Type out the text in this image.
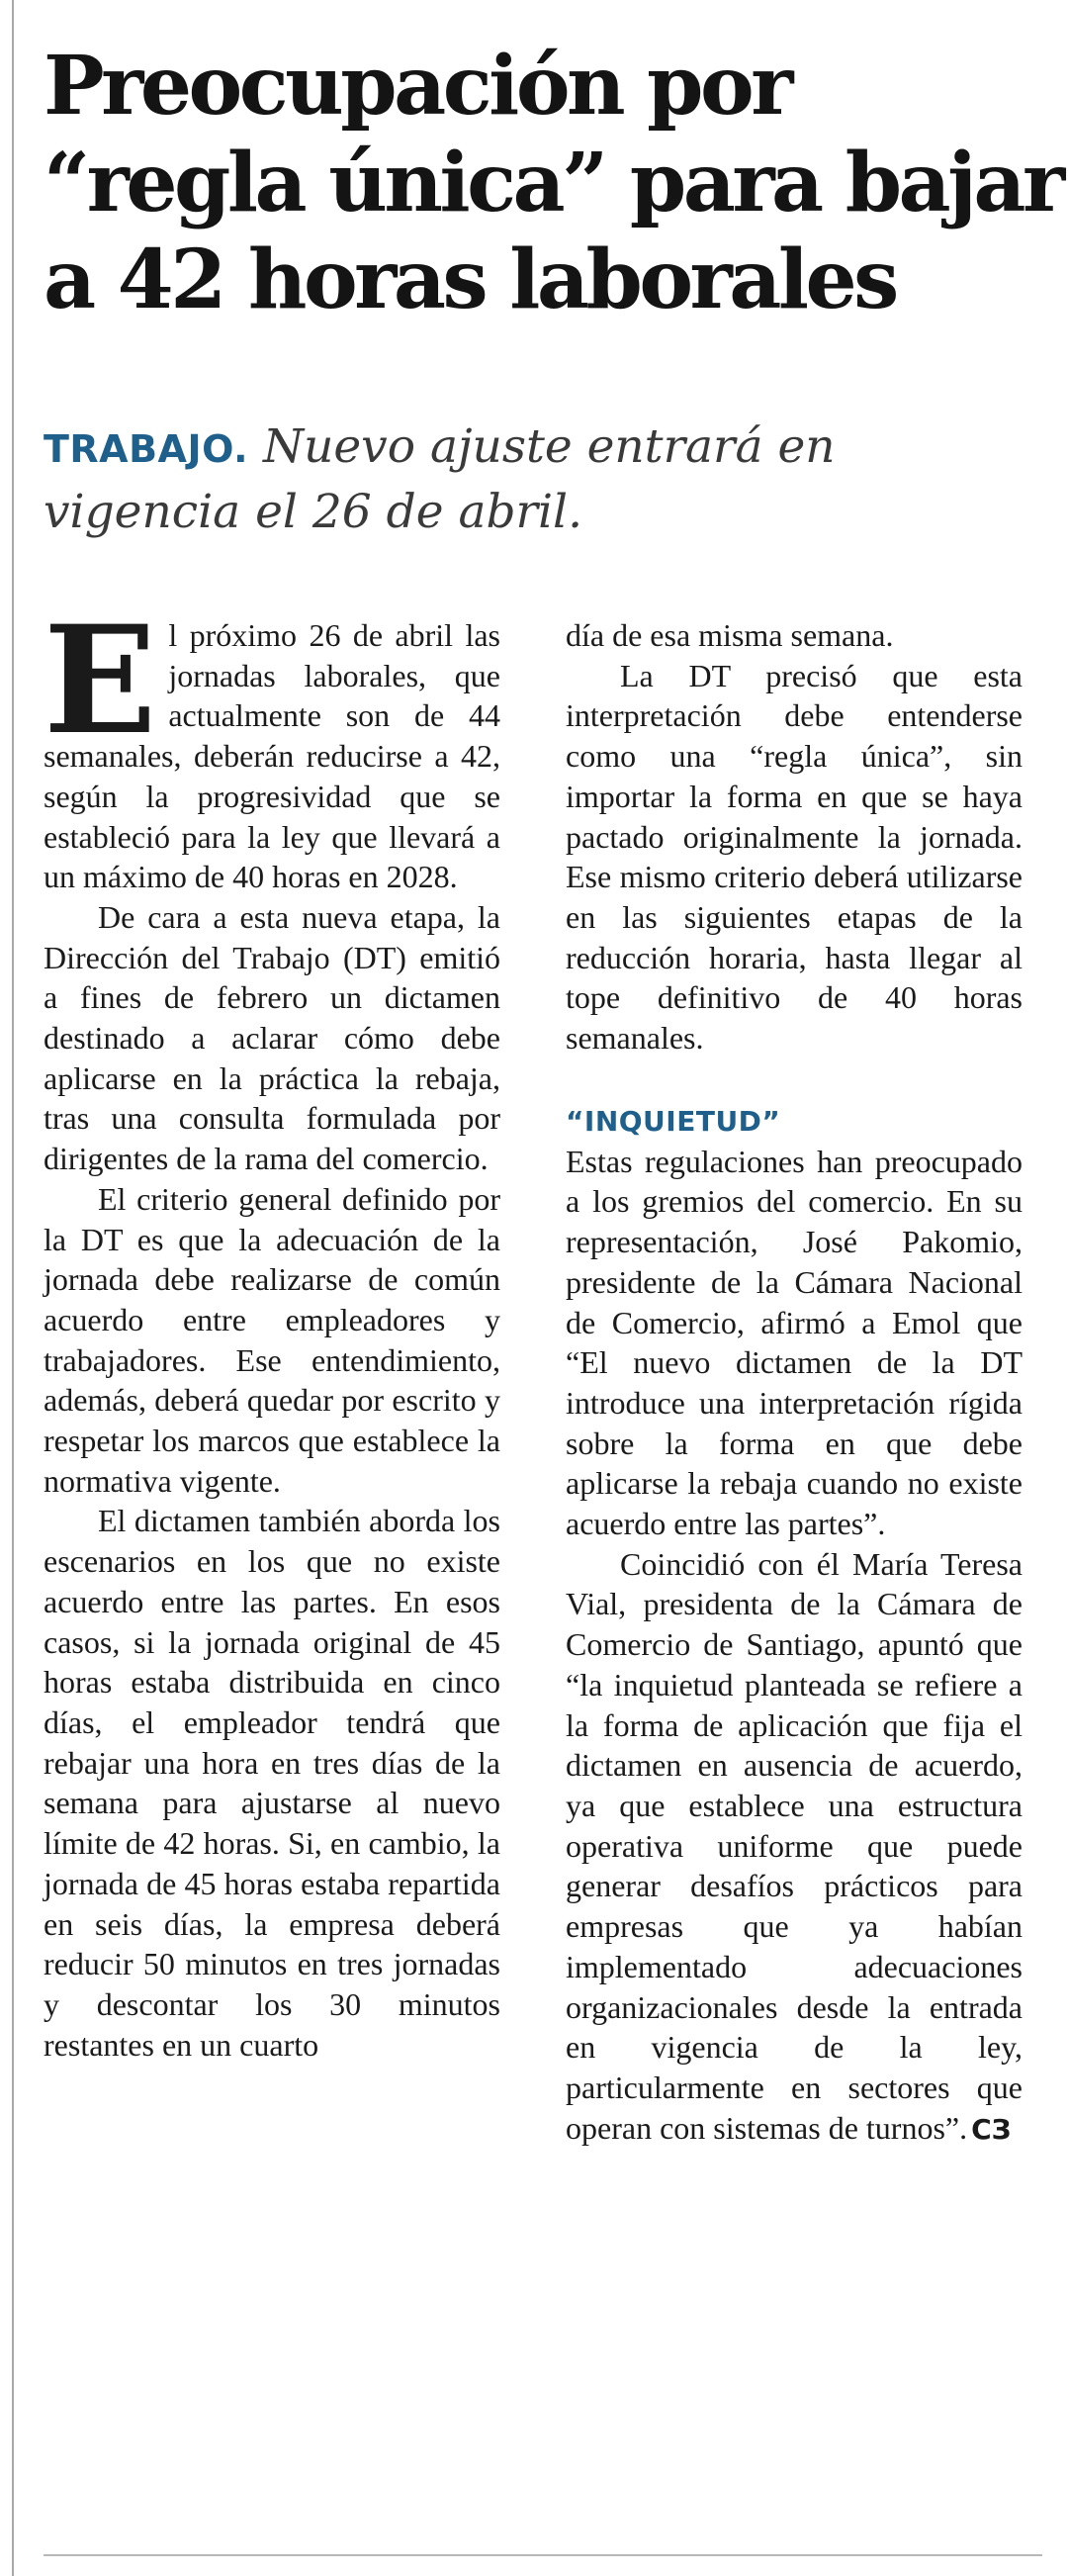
Preocupación por
“regla única” para bajar
a 42 horas laborales

TRABAJO. Nuevo ajuste entrará en vigencia el 26 de abril.

El próximo 26 de abril las jornadas laborales, que actualmente son de 44 semanales, deberán reducirse a 42, según la progresividad que se estableció para la ley que llevará a un máximo de 40 horas en 2028.

De cara a esta nueva etapa, la Dirección del Trabajo (DT) emitió a fines de febrero un dictamen destinado a aclarar cómo debe aplicarse en la práctica la rebaja, tras una consulta formulada por dirigentes de la rama del comercio.

El criterio general definido por la DT es que la adecuación de la jornada debe realizarse de común acuerdo entre empleadores y trabajadores. Ese entendimiento, además, deberá quedar por escrito y respetar los marcos que establece la normativa vigente.

El dictamen también aborda los escenarios en los que no existe acuerdo entre las partes. En esos casos, si la jornada original de 45 horas estaba distribuida en cinco días, el empleador tendrá que rebajar una hora en tres días de la semana para ajustarse al nuevo límite de 42 horas. Si, en cambio, la jornada de 45 horas estaba repartida en seis días, la empresa deberá reducir 50 minutos en tres jornadas y descontar los 30 minutos restantes en un cuarto

día de esa misma semana.

La DT precisó que esta interpretación debe entenderse como una “regla única”, sin importar la forma en que se haya pactado originalmente la jornada. Ese mismo criterio deberá utilizarse en las siguientes etapas de la reducción horaria, hasta llegar al tope definitivo de 40 horas semanales.

“INQUIETUD”

Estas regulaciones han preocupado a los gremios del comercio. En su representación, José Pakomio, presidente de la Cámara Nacional de Comercio, afirmó a Emol que “El nuevo dictamen de la DT introduce una interpretación rígida sobre la forma en que debe aplicarse la rebaja cuando no existe acuerdo entre las partes”.

Coincidió con él María Teresa Vial, presidenta de la Cámara de Comercio de Santiago, apuntó que “la inquietud planteada se refiere a la forma de aplicación que fija el dictamen en ausencia de acuerdo, ya que establece una estructura operativa uniforme que puede generar desafíos prácticos para empresas que ya habían implementado adecuaciones organizacionales desde la entrada en vigencia de la ley, particularmente en sectores que operan con sistemas de turnos”. CЗ
